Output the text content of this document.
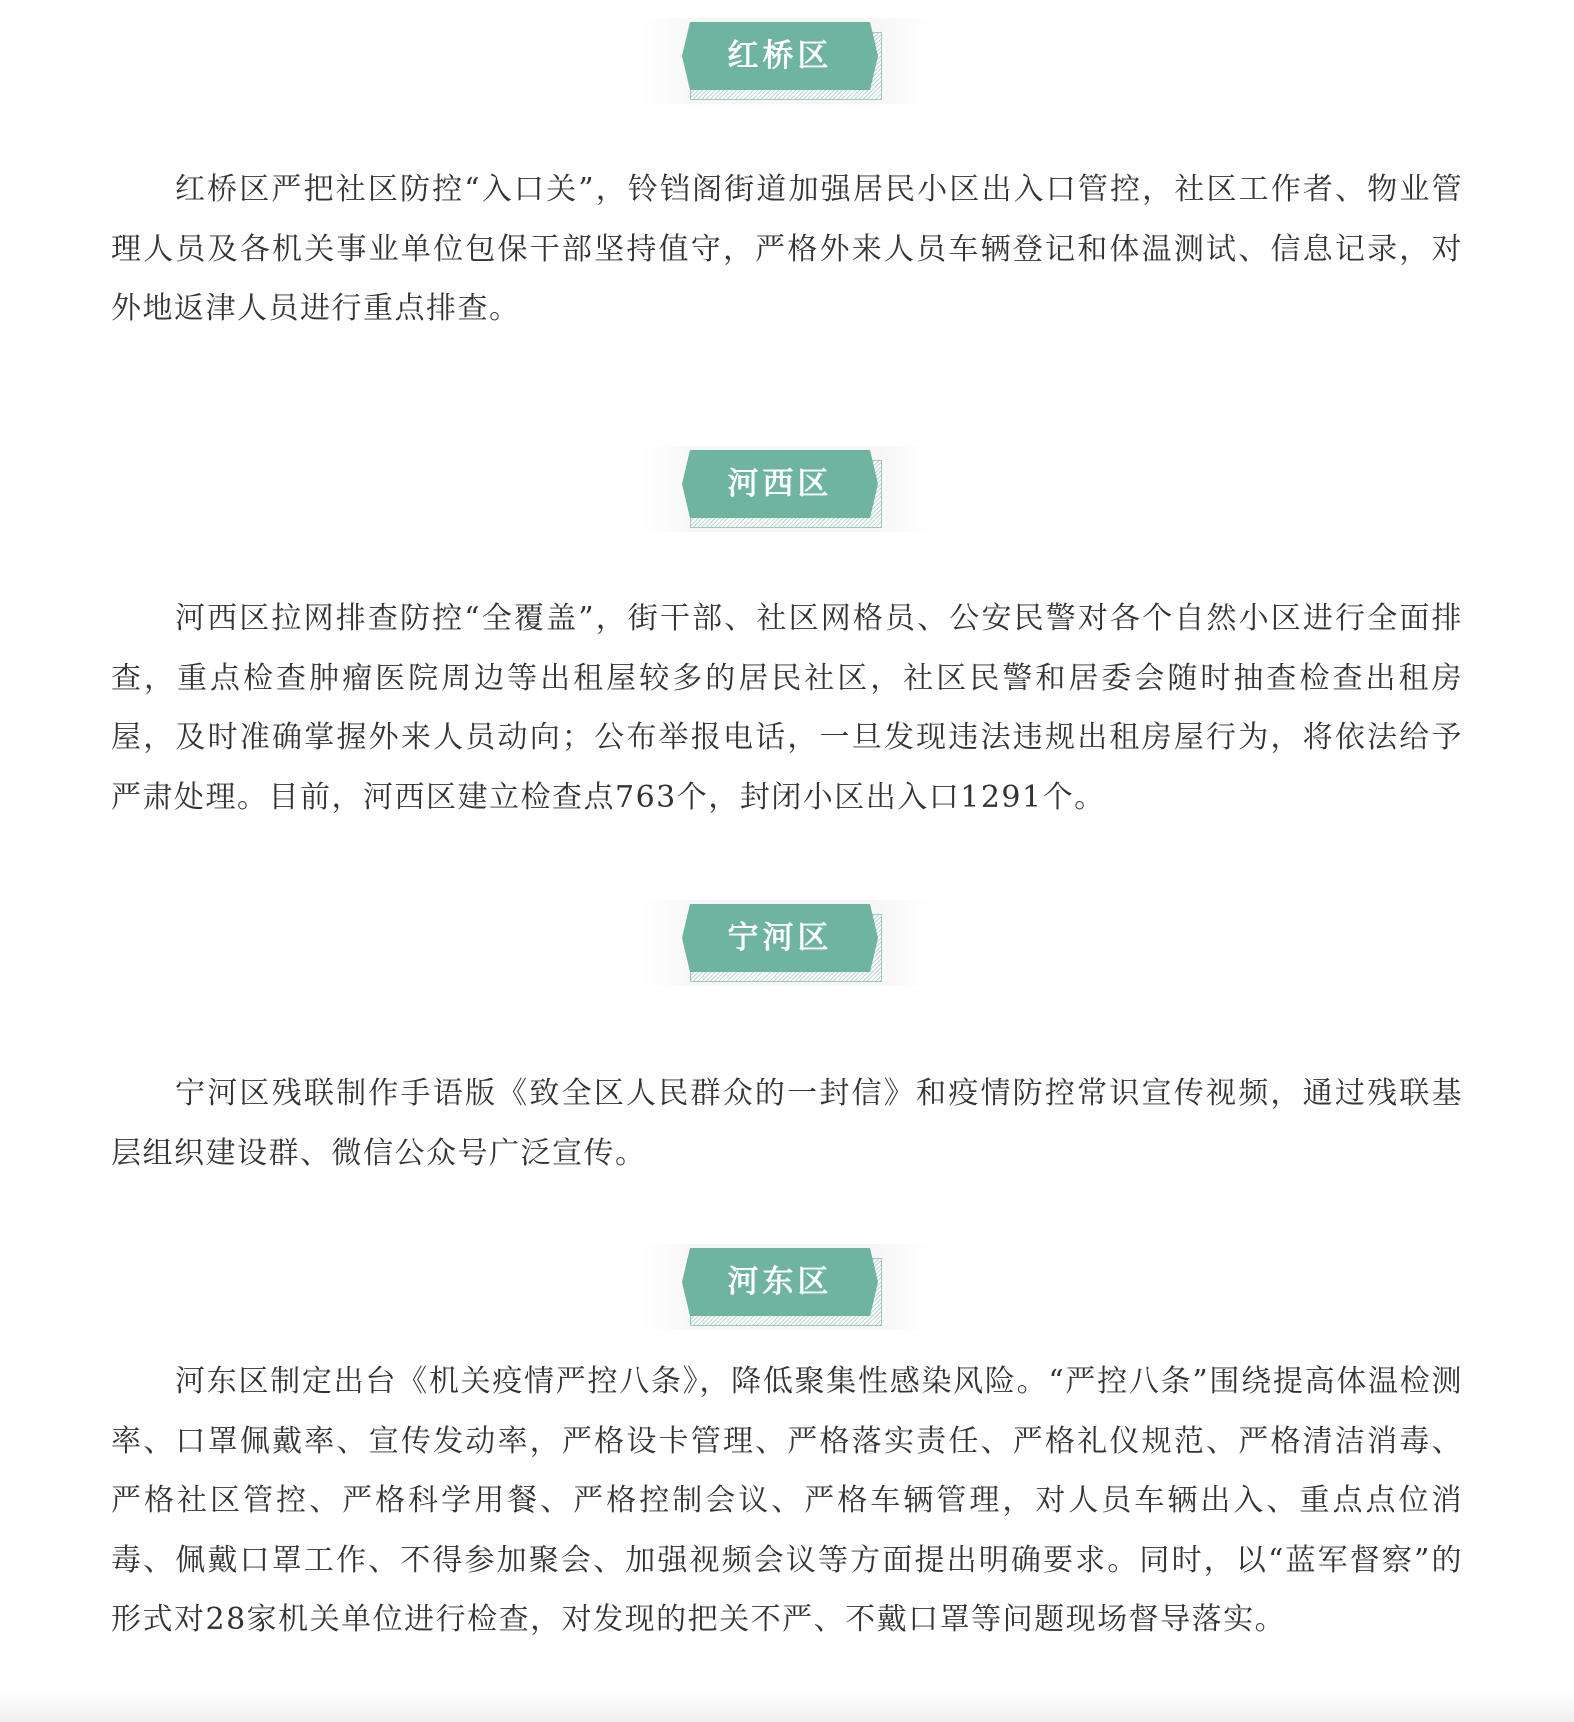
红桥区

红桥区严把社区防控“入口关”，铃铛阁街道加强居民小区出入口管控，社区工作者、物业管理人员及各机关事业单位包保干部坚持值守，严格外来人员车辆登记和体温测试、信息记录，对外地返津人员进行重点排查。

河西区

河西区拉网排查防控“全覆盖”，街干部、社区网格员、公安民警对各个自然小区进行全面排查，重点检查肿瘤医院周边等出租屋较多的居民社区，社区民警和居委会随时抽查检查出租房屋，及时准确掌握外来人员动向；公布举报电话，一旦发现违法违规出租房屋行为，将依法给予严肃处理。目前，河西区建立检查点763个，封闭小区出入口1291个。

宁河区

宁河区残联制作手语版《致全区人民群众的一封信》和疫情防控常识宣传视频，通过残联基层组织建设群、微信公众号广泛宣传。

河东区

河东区制定出台《机关疫情严控八条》，降低聚集性感染风险。“严控八条”围绕提高体温检测率、口罩佩戴率、宣传发动率，严格设卡管理、严格落实责任、严格礼仪规范、严格清洁消毒、严格社区管控、严格科学用餐、严格控制会议、严格车辆管理，对人员车辆出入、重点点位消毒、佩戴口罩工作、不得参加聚会、加强视频会议等方面提出明确要求。同时，以“蓝军督察”的形式对28家机关单位进行检查，对发现的把关不严、不戴口罩等问题现场督导落实。
